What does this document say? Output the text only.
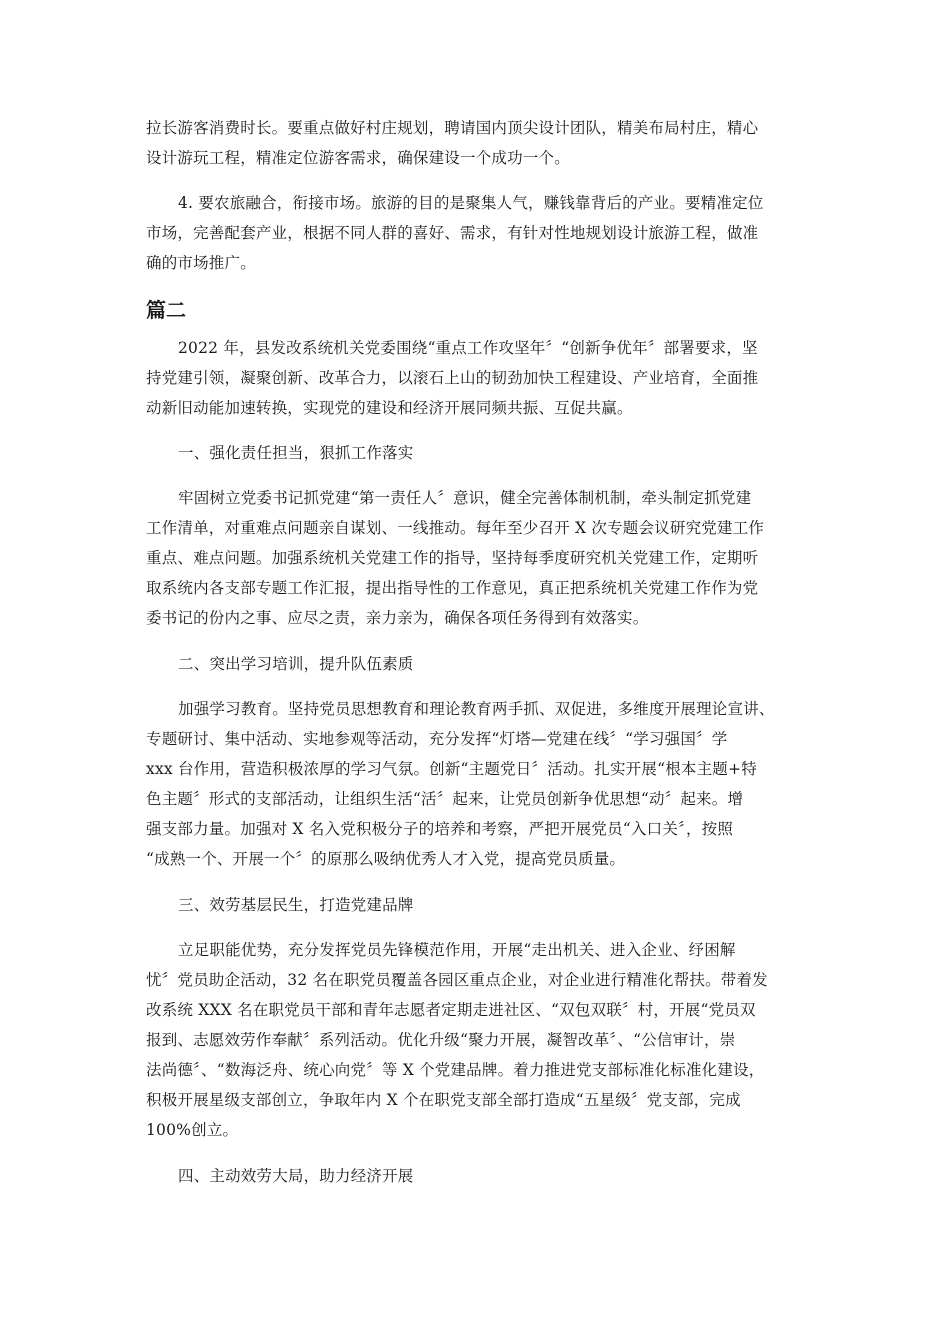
拉长游客消费时长。要重点做好村庄规划，聘请国内顶尖设计团队，精美布局村庄，精心
设计游玩工程，精准定位游客需求，确保建设一个成功一个。
4. 要农旅融合，衔接市场。旅游的目的是聚集人气，赚钱靠背后的产业。要精准定位
市场，完善配套产业，根据不同人群的喜好、需求，有针对性地规划设计旅游工程，做准
确的市场推广。
篇二
2022 年，县发改系统机关党委围绕“重点工作攻坚年〞“创新争优年〞部署要求，坚
持党建引领，凝聚创新、改革合力，以滚石上山的韧劲加快工程建设、产业培育，全面推
动新旧动能加速转换，实现党的建设和经济开展同频共振、互促共赢。
一、强化责任担当，狠抓工作落实
牢固树立党委书记抓党建“第一责任人〞意识，健全完善体制机制，牵头制定抓党建
工作清单，对重难点问题亲自谋划、一线推动。每年至少召开 X 次专题会议研究党建工作
重点、难点问题。加强系统机关党建工作的指导，坚持每季度研究机关党建工作，定期听
取系统内各支部专题工作汇报，提出指导性的工作意见，真正把系统机关党建工作作为党
委书记的份内之事、应尽之责，亲力亲为，确保各项任务得到有效落实。
二、突出学习培训，提升队伍素质
加强学习教育。坚持党员思想教育和理论教育两手抓、双促进，多维度开展理论宣讲、
专题研讨、集中活动、实地参观等活动，充分发挥“灯塔—党建在线〞“学习强国〞学
xxx 台作用，营造积极浓厚的学习气氛。创新“主题党日〞活动。扎实开展“根本主题+特
色主题〞形式的支部活动，让组织生活“活〞起来，让党员创新争优思想“动〞起来。增
强支部力量。加强对 X 名入党积极分子的培养和考察，严把开展党员“入口关〞，按照
“成熟一个、开展一个〞的原那么吸纳优秀人才入党，提高党员质量。
三、效劳基层民生，打造党建品牌
立足职能优势，充分发挥党员先锋模范作用，开展“走出机关、进入企业、纾困解
忧〞党员助企活动，32 名在职党员覆盖各园区重点企业，对企业进行精准化帮扶。带着发
改系统 XXX 名在职党员干部和青年志愿者定期走进社区、“双包双联〞村，开展“党员双
报到、志愿效劳作奉献〞系列活动。优化升级“聚力开展，凝智改革〞、“公信审计，崇
法尚德〞、“数海泛舟、统心向党〞等 X 个党建品牌。着力推进党支部标准化标准化建设，
积极开展星级支部创立，争取年内 X 个在职党支部全部打造成“五星级〞党支部，完成
100%创立。
四、主动效劳大局，助力经济开展
